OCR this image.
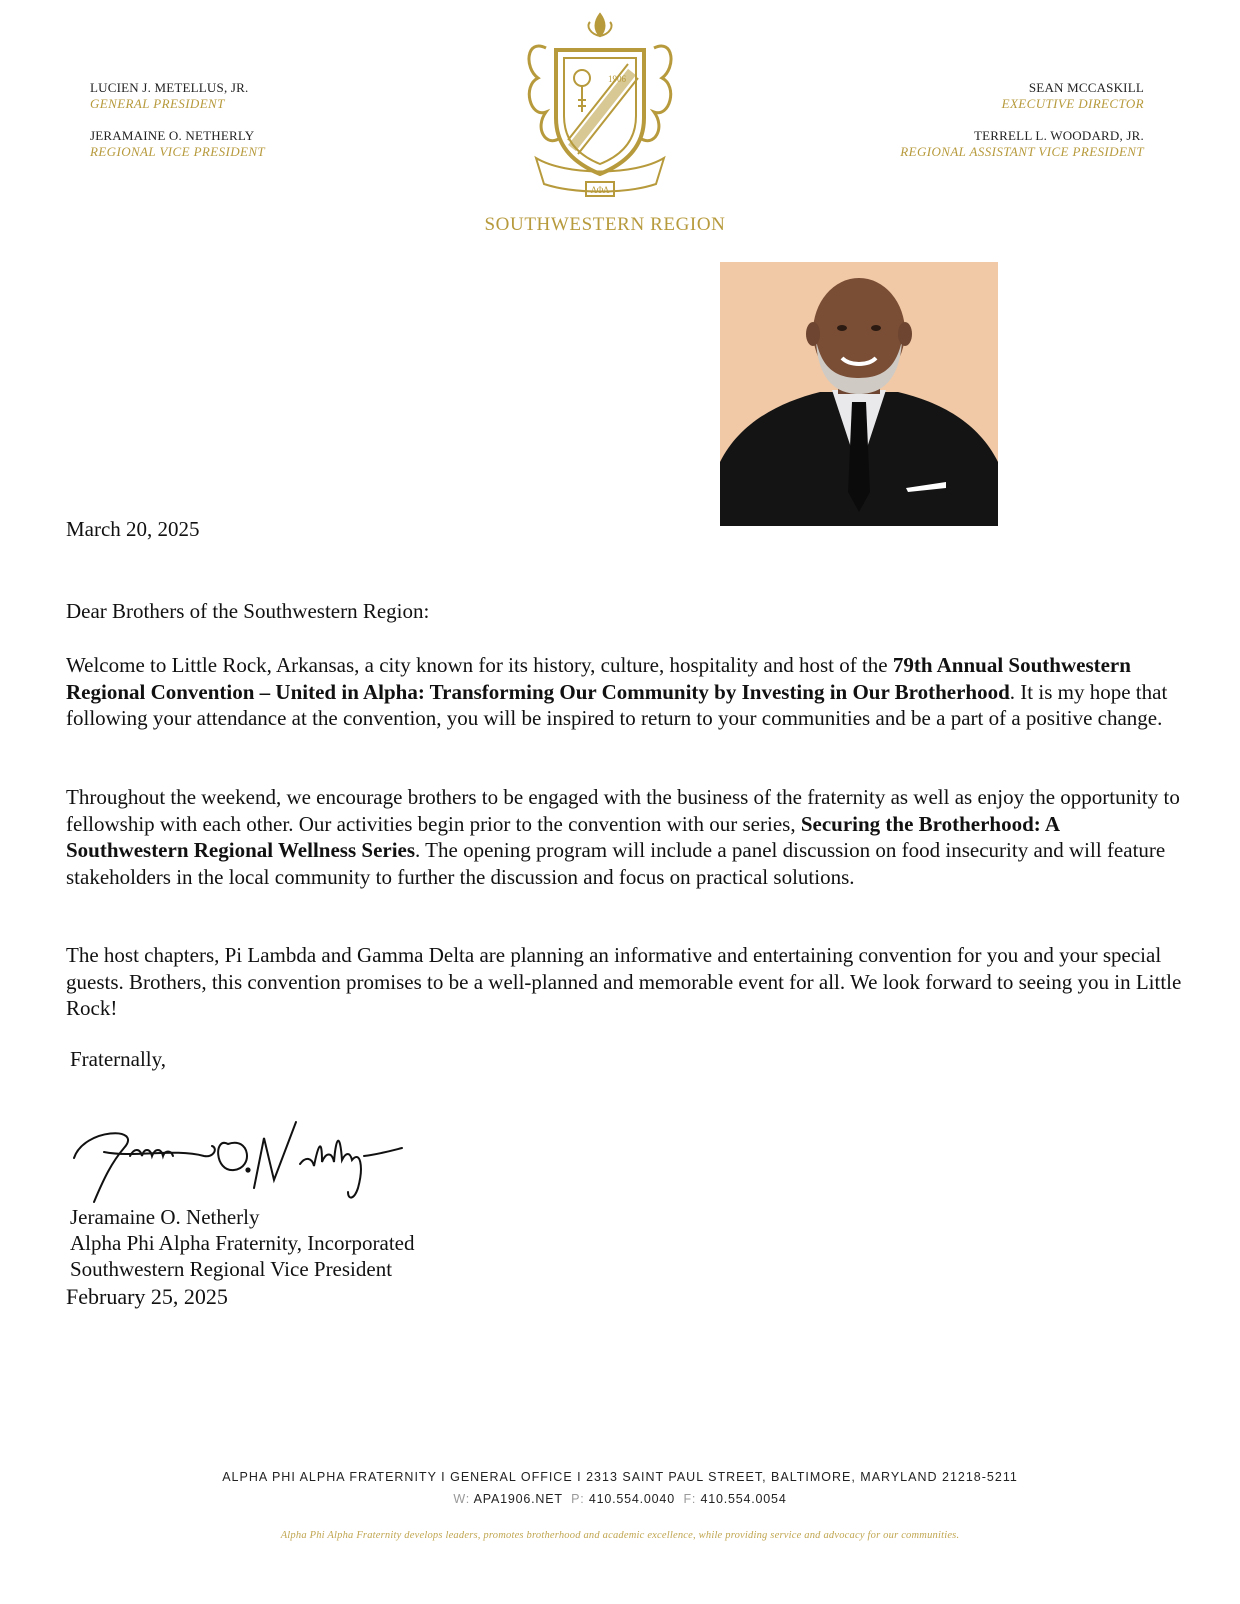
LUCIEN J. METELLUS, JR.
GENERAL PRESIDENT
JERAMAINE O. NETHERLY
REGIONAL VICE PRESIDENT
SEAN MCCASKILL
EXECUTIVE DIRECTOR
TERRELL L. WOODARD, JR.
REGIONAL ASSISTANT VICE PRESIDENT
1906
ΑΦΑ
SOUTHWESTERN REGION
March 20, 2025
Dear Brothers of the Southwestern Region:
Welcome to Little Rock, Arkansas, a city known for its history, culture, hospitality and host of the 79th Annual Southwestern Regional Convention – United in Alpha: Transforming Our Community by Investing in Our Brotherhood. It is my hope that following your attendance at the convention, you will be inspired to return to your communities and be a part of a positive change.
Throughout the weekend, we encourage brothers to be engaged with the business of the fraternity as well as enjoy the opportunity to fellowship with each other. Our activities begin prior to the convention with our series, Securing the Brotherhood: A Southwestern Regional Wellness Series. The opening program will include a panel discussion on food insecurity and will feature stakeholders in the local community to further the discussion and focus on practical solutions.
The host chapters, Pi Lambda and Gamma Delta are planning an informative and entertaining convention for you and your special guests. Brothers, this convention promises to be a well-planned and memorable event for all. We look forward to seeing you in Little Rock!
Fraternally,
Jeramaine O. Netherly
Alpha Phi Alpha Fraternity, Incorporated
Southwestern Regional Vice President
February 25, 2025
ALPHA PHI ALPHA FRATERNITY I GENERAL OFFICE I 2313 SAINT PAUL STREET, BALTIMORE, MARYLAND 21218-5211
W: APA1906.NET P: 410.554.0040 F: 410.554.0054
Alpha Phi Alpha Fraternity develops leaders, promotes brotherhood and academic excellence, while providing service and advocacy for our communities.
